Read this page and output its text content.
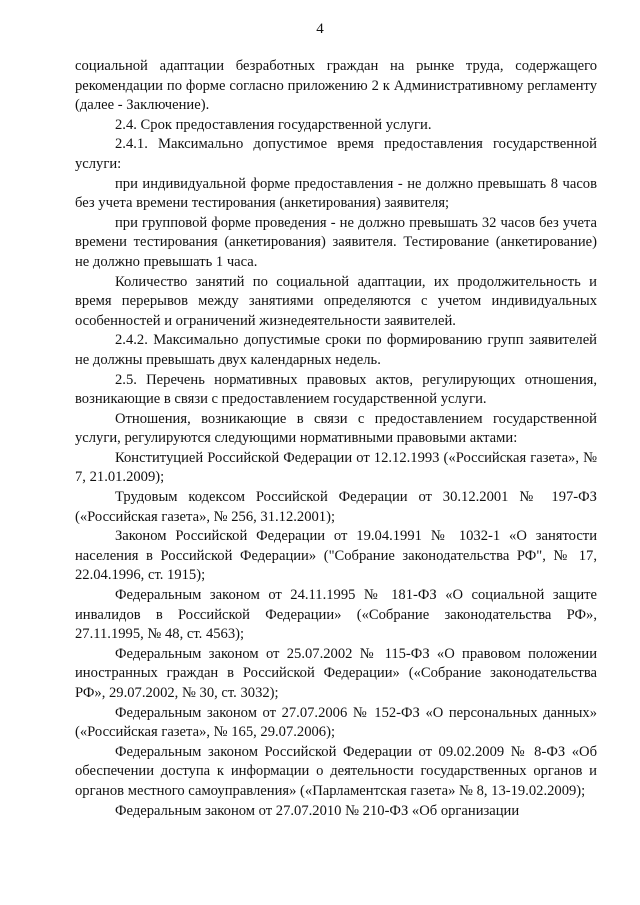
4

социальной адаптации безработных граждан на рынке труда, содержащего рекомендации по форме согласно приложению 2 к Административному регламенту (далее - Заключение).

2.4. Срок предоставления государственной услуги.

2.4.1. Максимально допустимое время предоставления государственной услуги:

при индивидуальной форме предоставления - не должно превышать 8 часов без учета времени тестирования (анкетирования) заявителя;

при групповой форме проведения - не должно превышать 32 часов без учета времени тестирования (анкетирования) заявителя. Тестирование (анкетирование) не должно превышать 1 часа.

Количество занятий по социальной адаптации, их продолжительность и время перерывов между занятиями определяются с учетом индивидуальных особенностей и ограничений жизнедеятельности заявителей.

2.4.2. Максимально допустимые сроки по формированию групп заявителей не должны превышать двух календарных недель.

2.5. Перечень нормативных правовых актов, регулирующих отношения, возникающие в связи с предоставлением государственной услуги.

Отношения, возникающие в связи с предоставлением государственной услуги, регулируются следующими нормативными правовыми актами:

Конституцией Российской Федерации от 12.12.1993 («Российская газета», № 7, 21.01.2009);

Трудовым кодексом Российской Федерации от 30.12.2001 № 197-ФЗ («Российская газета», № 256, 31.12.2001);

Законом Российской Федерации от 19.04.1991 № 1032-1 «О занятости населения в Российской Федерации» ("Собрание законодательства РФ", № 17, 22.04.1996, ст. 1915);

Федеральным законом от 24.11.1995 № 181-ФЗ «О социальной защите инвалидов в Российской Федерации» («Собрание законодательства РФ», 27.11.1995, № 48, ст. 4563);

Федеральным законом от 25.07.2002 № 115-ФЗ «О правовом положении иностранных граждан в Российской Федерации» («Собрание законодательства РФ», 29.07.2002, № 30, ст. 3032);

Федеральным законом от 27.07.2006 № 152-ФЗ «О персональных данных» («Российская газета», № 165, 29.07.2006);

Федеральным законом Российской Федерации от 09.02.2009 № 8-ФЗ «Об обеспечении доступа к информации о деятельности государственных органов и органов местного самоуправления» («Парламентская газета» № 8, 13-19.02.2009);

Федеральным законом от 27.07.2010 № 210-ФЗ «Об организации
